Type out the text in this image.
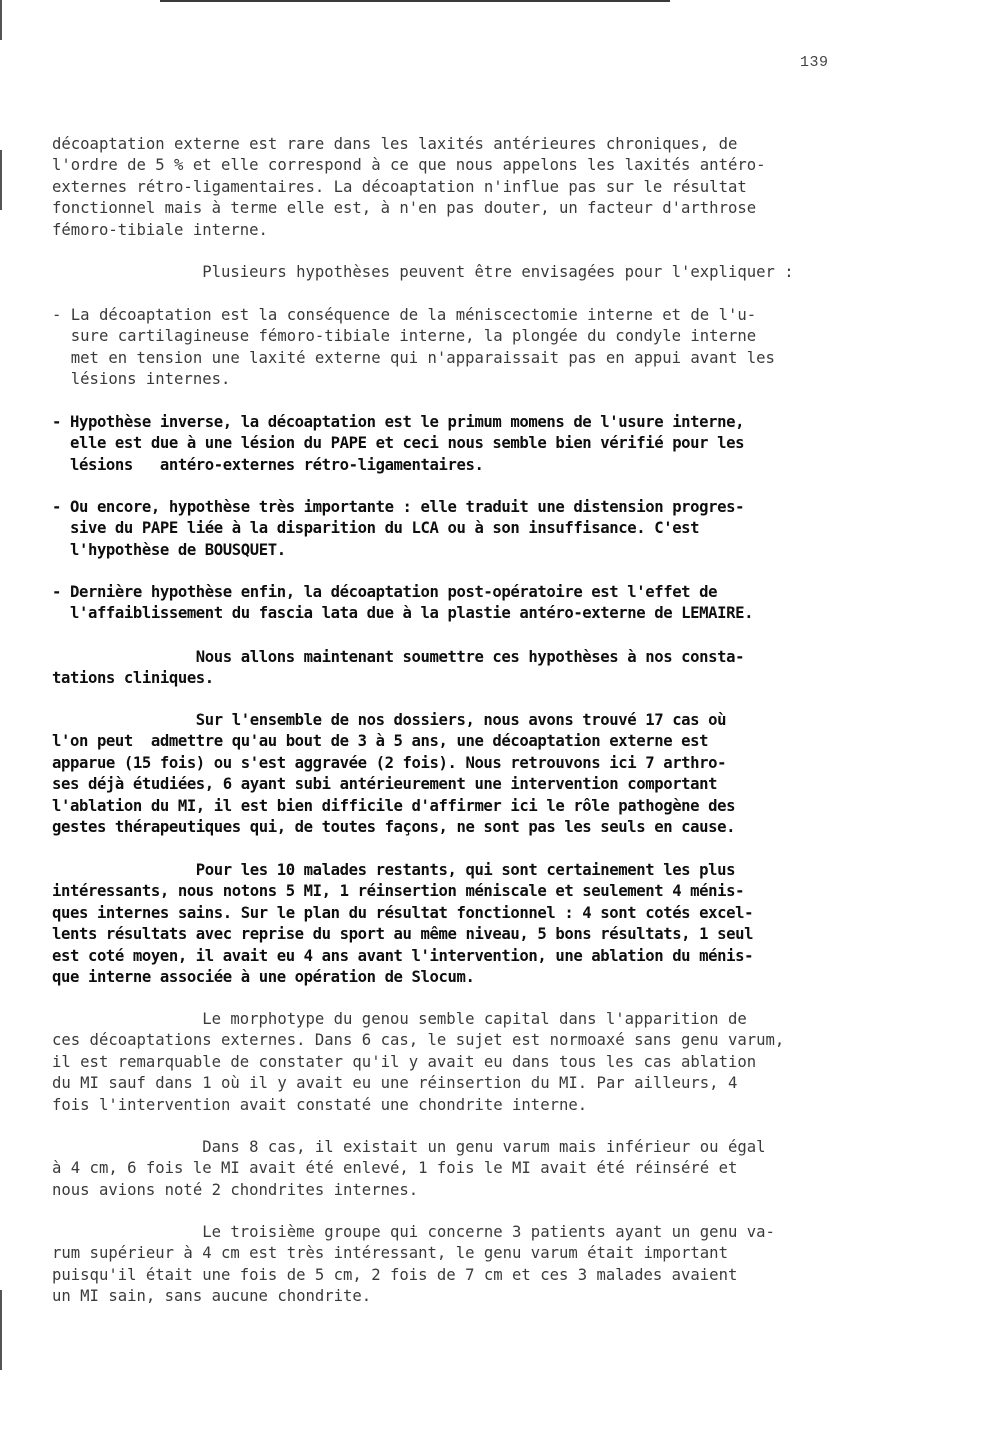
139
décoaptation externe est rare dans les laxités antérieures chroniques, de
l'ordre de 5 % et elle correspond à ce que nous appelons les laxités antéro-
externes rétro-ligamentaires. La décoaptation n'influe pas sur le résultat
fonctionnel mais à terme elle est, à n'en pas douter, un facteur d'arthrose
fémoro-tibiale interne.
Plusieurs hypothèses peuvent être envisagées pour l'expliquer :
- La décoaptation est la conséquence de la méniscectomie interne et de l'u-
sure cartilagineuse fémoro-tibiale interne, la plongée du condyle interne
met en tension une laxité externe qui n'apparaissait pas en appui avant les
lésions internes.
- Hypothèse inverse, la décoaptation est le primum momens de l'usure interne,
elle est due à une lésion du PAPE et ceci nous semble bien vérifié pour les
lésions   antéro-externes rétro-ligamentaires.
- Ou encore, hypothèse très importante : elle traduit une distension progres-
sive du PAPE liée à la disparition du LCA ou à son insuffisance. C'est
l'hypothèse de BOUSQUET.
- Dernière hypothèse enfin, la décoaptation post-opératoire est l'effet de
l'affaiblissement du fascia lata due à la plastie antéro-externe de LEMAIRE.
Nous allons maintenant soumettre ces hypothèses à nos consta-
tations cliniques.
Sur l'ensemble de nos dossiers, nous avons trouvé 17 cas où
l'on peut  admettre qu'au bout de 3 à 5 ans, une décoaptation externe est
apparue (15 fois) ou s'est aggravée (2 fois). Nous retrouvons ici 7 arthro-
ses déjà étudiées, 6 ayant subi antérieurement une intervention comportant
l'ablation du MI, il est bien difficile d'affirmer ici le rôle pathogène des
gestes thérapeutiques qui, de toutes façons, ne sont pas les seuls en cause.
Pour les 10 malades restants, qui sont certainement les plus
intéressants, nous notons 5 MI, 1 réinsertion méniscale et seulement 4 ménis-
ques internes sains. Sur le plan du résultat fonctionnel : 4 sont cotés excel-
lents résultats avec reprise du sport au même niveau, 5 bons résultats, 1 seul
est coté moyen, il avait eu 4 ans avant l'intervention, une ablation du ménis-
que interne associée à une opération de Slocum.
Le morphotype du genou semble capital dans l'apparition de
ces décoaptations externes. Dans 6 cas, le sujet est normoaxé sans genu varum,
il est remarquable de constater qu'il y avait eu dans tous les cas ablation
du MI sauf dans 1 où il y avait eu une réinsertion du MI. Par ailleurs, 4
fois l'intervention avait constaté une chondrite interne.
Dans 8 cas, il existait un genu varum mais inférieur ou égal
à 4 cm, 6 fois le MI avait été enlevé, 1 fois le MI avait été réinséré et
nous avions noté 2 chondrites internes.
Le troisième groupe qui concerne 3 patients ayant un genu va-
rum supérieur à 4 cm est très intéressant, le genu varum était important
puisqu'il était une fois de 5 cm, 2 fois de 7 cm et ces 3 malades avaient
un MI sain, sans aucune chondrite.
